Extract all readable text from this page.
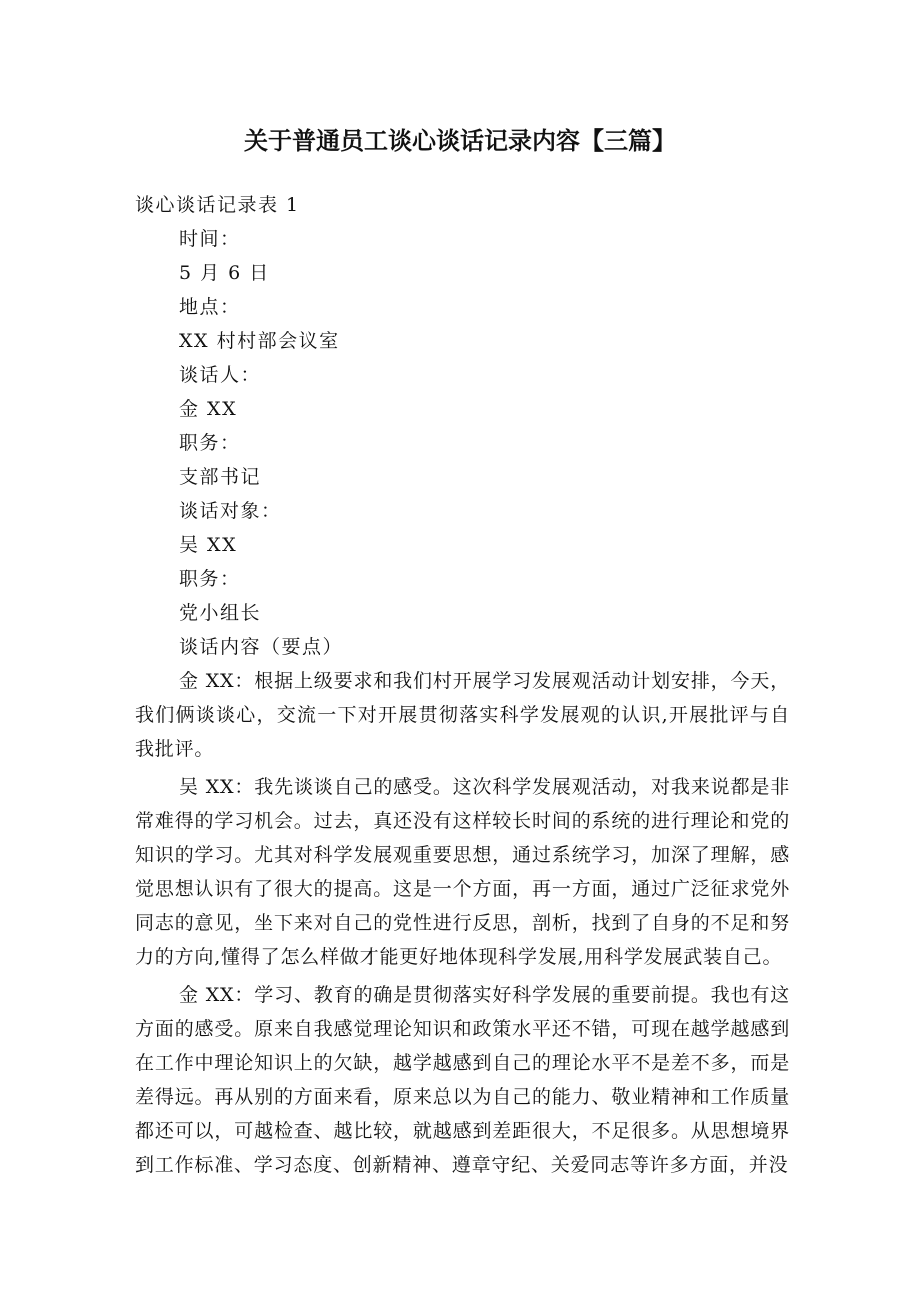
关于普通员工谈心谈话记录内容【三篇】
谈心谈话记录表 1
时间：
5 月 6 日
地点：
XX 村村部会议室
谈话人：
金 XX
职务：
支部书记
谈话对象：
吴 XX
职务：
党小组长
谈话内容（要点）

金 XX：根据上级要求和我们村开展学习发展观活动计划安排，今天，我们俩谈谈心，交流一下对开展贯彻落实科学发展观的认识,开展批评与自我批评。

吴 XX：我先谈谈自己的感受。这次科学发展观活动，对我来说都是非常难得的学习机会。过去，真还没有这样较长时间的系统的进行理论和党的知识的学习。尤其对科学发展观重要思想，通过系统学习，加深了理解，感觉思想认识有了很大的提高。这是一个方面，再一方面，通过广泛征求党外同志的意见，坐下来对自己的党性进行反思，剖析，找到了自身的不足和努力的方向,懂得了怎么样做才能更好地体现科学发展,用科学发展武装自己。

金 XX：学习、教育的确是贯彻落实好科学发展的重要前提。我也有这方面的感受。原来自我感觉理论知识和政策水平还不错，可现在越学越感到在工作中理论知识上的欠缺，越学越感到自己的理论水平不是差不多，而是差得远。再从别的方面来看，原来总以为自己的能力、敬业精神和工作质量都还可以，可越检查、越比较，就越感到差距很大，不足很多。从思想境界到工作标准、学习态度、创新精神、遵章守纪、关爱同志等许多方面，并没
